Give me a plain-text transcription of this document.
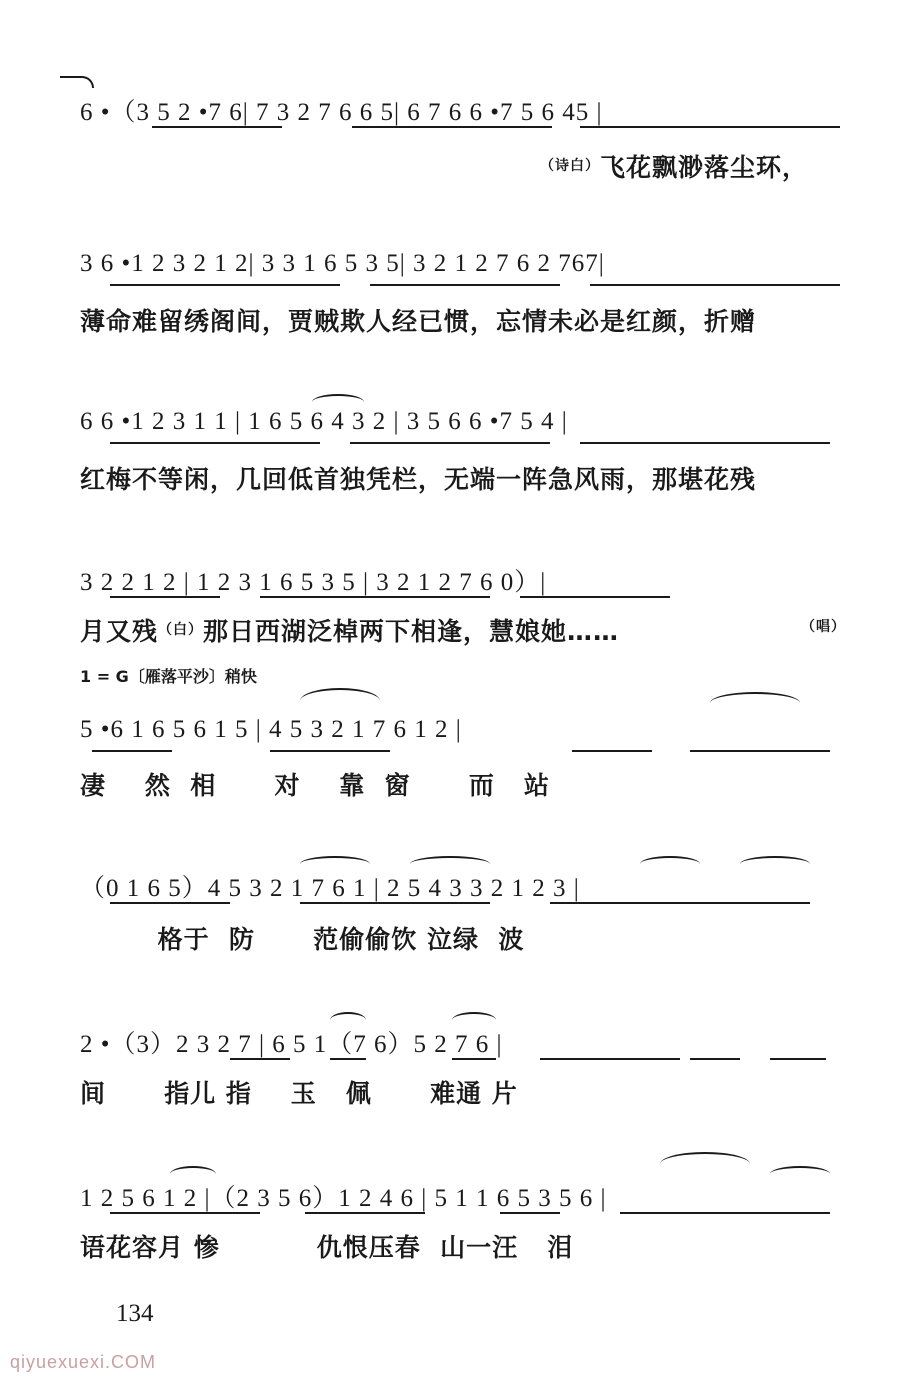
6 •（3 5 2 •7 6| 7 3 2 7 6 6 5| 6 7 6 6 •7 5 6 45 |
$^{(诗白)}$飞花飘渺落尘环，
3 6 •1 2 3 2 1 2| 3 3 1 6 5 3 5| 3 2 1 2 7 6 2 767|
薄命难留绣阁间，贾贼欺人经已惯，忘情未必是红颜，折赠
6 6 •1 2 3 1 1 | 1 6 5 6 4 3 2 | 3 5 6 6 •7 5 4 |
红梅不等闲，几回低首独凭栏，无端一阵急风雨，那堪花残
3 2 2 1 2 | 1 2 3 1 6 5 3 5 | 3 2 1 2 7 6 0）|
月又残$^{(白)}$那日西湖泛棹两下相逢，慧娘她……	（唱）
1 = G〔雁落平沙〕稍快
5 •6 1 6 5 6 1 5 | 4 5 3 2 1 7 6 1 2 |
凄    然  相      对    靠  窗      而   站
（0 1 6 5）4 5 3 2 1 7 6 1 | 2 5 4 3 3 2 1 2 3 |
格于  防      范偷偷饮 泣绿  波
2 •（3）2 3 2 7 | 6 5 1（7 6）5 2 7 6 |
间      指儿 指    玉   佩      难通 片
1 2 5 6 1 2 |（2 3 5 6）1 2 4 6 | 5 1 1 6 5 3 5 6 |
语花容月 惨          仇恨压春  山一汪   泪
134
qiyuexuexi.COM
